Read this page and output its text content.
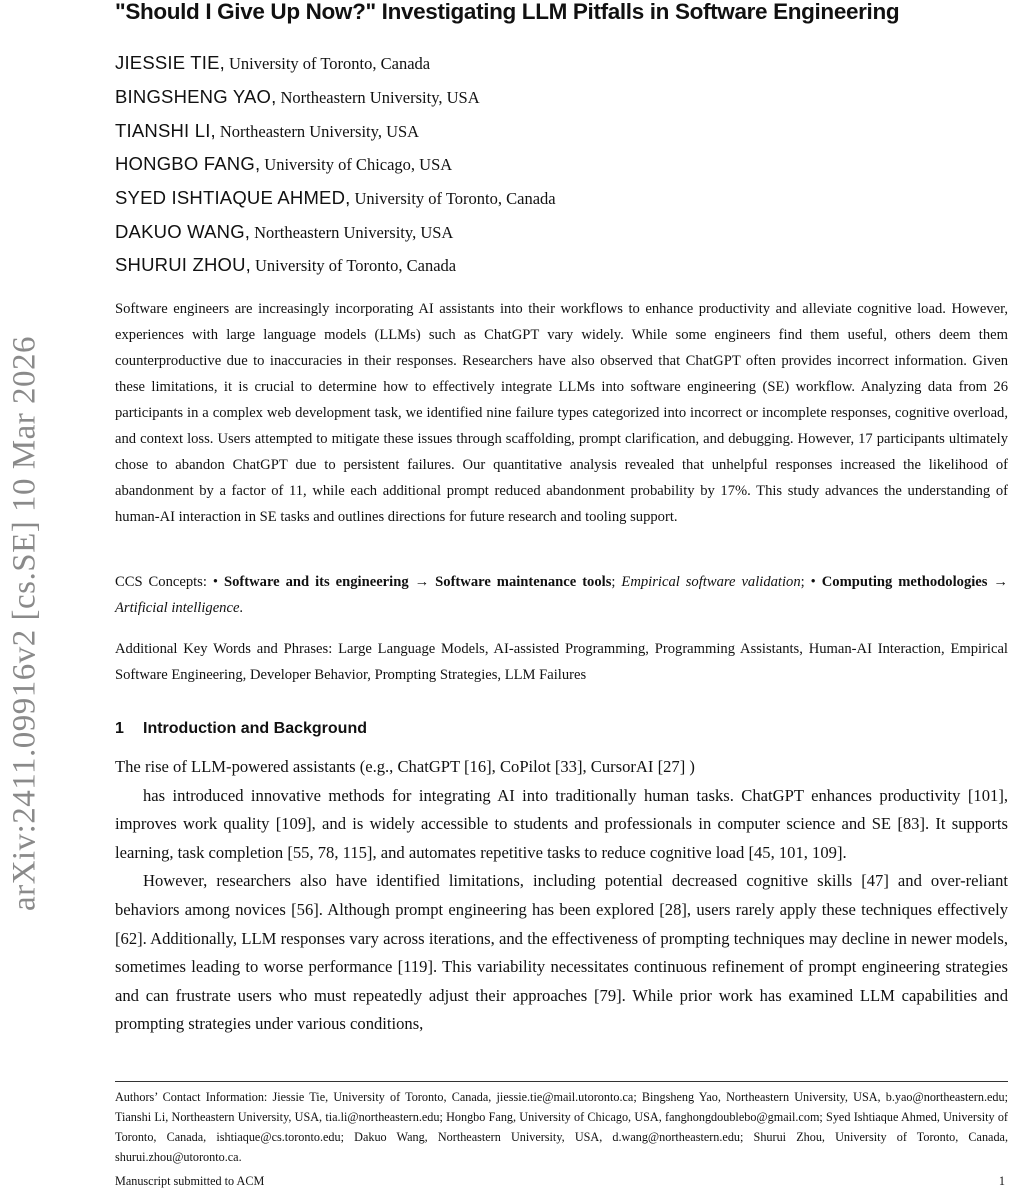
arXiv:2411.09916v2 [cs.SE] 10 Mar 2026
"Should I Give Up Now?" Investigating LLM Pitfalls in Software Engineering
JIESSIE TIE, University of Toronto, Canada
BINGSHENG YAO, Northeastern University, USA
TIANSHI LI, Northeastern University, USA
HONGBO FANG, University of Chicago, USA
SYED ISHTIAQUE AHMED, University of Toronto, Canada
DAKUO WANG, Northeastern University, USA
SHURUI ZHOU, University of Toronto, Canada
Software engineers are increasingly incorporating AI assistants into their workflows to enhance productivity and alleviate cognitive load. However, experiences with large language models (LLMs) such as ChatGPT vary widely. While some engineers find them useful, others deem them counterproductive due to inaccuracies in their responses. Researchers have also observed that ChatGPT often provides incorrect information. Given these limitations, it is crucial to determine how to effectively integrate LLMs into software engineering (SE) workflow. Analyzing data from 26 participants in a complex web development task, we identified nine failure types categorized into incorrect or incomplete responses, cognitive overload, and context loss. Users attempted to mitigate these issues through scaffolding, prompt clarification, and debugging. However, 17 participants ultimately chose to abandon ChatGPT due to persistent failures. Our quantitative analysis revealed that unhelpful responses increased the likelihood of abandonment by a factor of 11, while each additional prompt reduced abandonment probability by 17%. This study advances the understanding of human-AI interaction in SE tasks and outlines directions for future research and tooling support.
CCS Concepts: • Software and its engineering → Software maintenance tools; Empirical software validation; • Computing methodologies → Artificial intelligence.
Additional Key Words and Phrases: Large Language Models, AI-assisted Programming, Programming Assistants, Human-AI Interaction, Empirical Software Engineering, Developer Behavior, Prompting Strategies, LLM Failures
1 Introduction and Background

The rise of LLM-powered assistants (e.g., ChatGPT [16], CoPilot [33], CursorAI [27] )

has introduced innovative methods for integrating AI into traditionally human tasks. ChatGPT enhances productivity [101], improves work quality [109], and is widely accessible to students and professionals in computer science and SE [83]. It supports learning, task completion [55, 78, 115], and automates repetitive tasks to reduce cognitive load [45, 101, 109].

However, researchers also have identified limitations, including potential decreased cognitive skills [47] and over-reliant behaviors among novices [56]. Although prompt engineering has been explored [28], users rarely apply these techniques effectively [62]. Additionally, LLM responses vary across iterations, and the effectiveness of prompting techniques may decline in newer models, sometimes leading to worse performance [119]. This variability necessitates continuous refinement of prompt engineering strategies and can frustrate users who must repeatedly adjust their approaches [79]. While prior work has examined LLM capabilities and prompting strategies under various conditions,

Authors’ Contact Information: Jiessie Tie, University of Toronto, Canada, jiessie.tie@mail.utoronto.ca; Bingsheng Yao, Northeastern University, USA, b.yao@northeastern.edu; Tianshi Li, Northeastern University, USA, tia.li@northeastern.edu; Hongbo Fang, University of Chicago, USA, fanghongdoublebo@gmail.com; Syed Ishtiaque Ahmed, University of Toronto, Canada, ishtiaque@cs.toronto.edu; Dakuo Wang, Northeastern University, USA, d.wang@northeastern.edu; Shurui Zhou, University of Toronto, Canada, shurui.zhou@utoronto.ca.
Manuscript submitted to ACM	1
